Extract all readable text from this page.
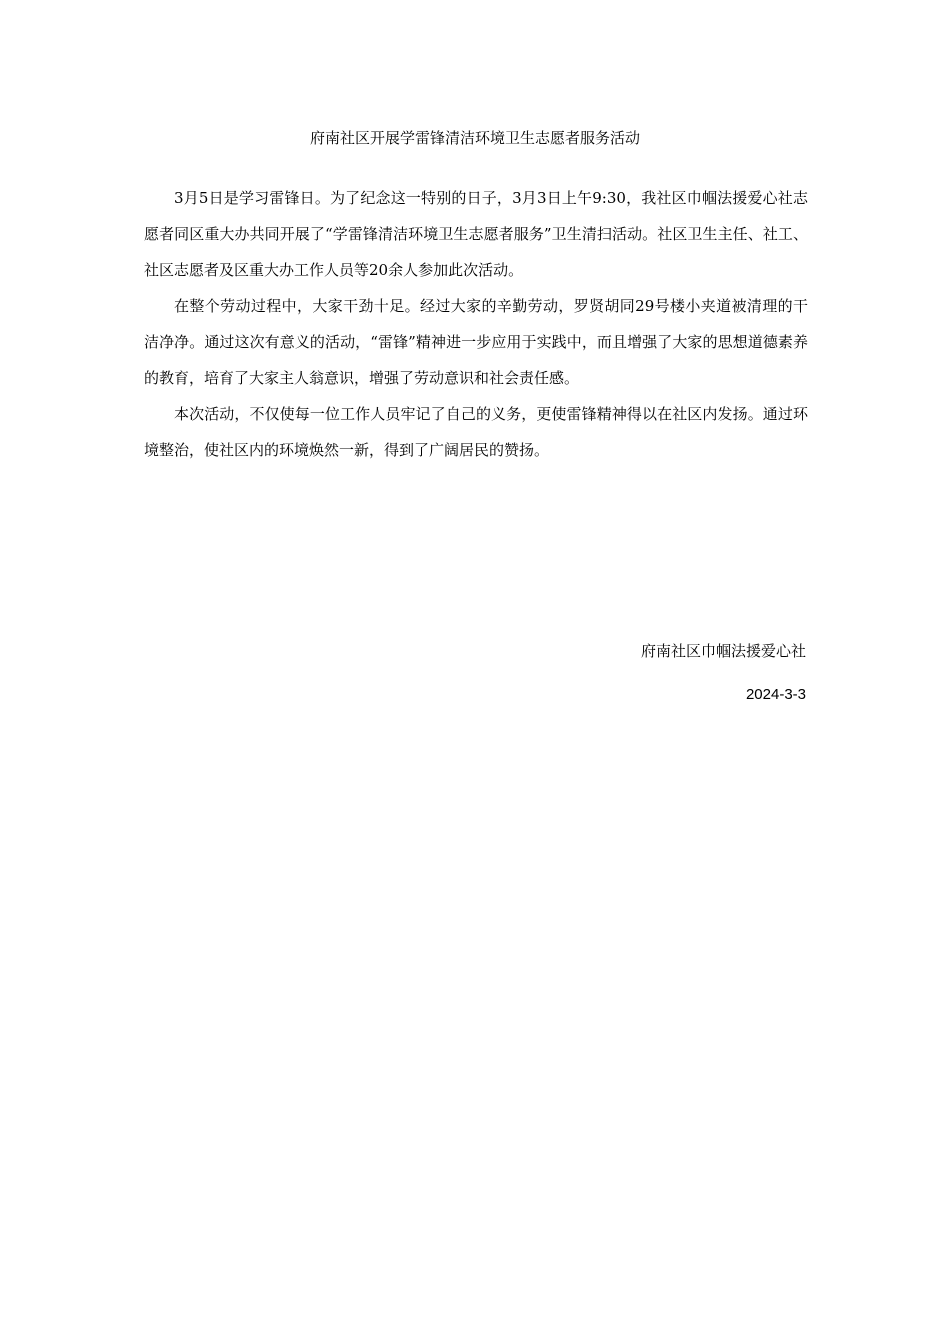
府南社区开展学雷锋清洁环境卫生志愿者服务活动

3月5日是学习雷锋日。为了纪念这一特别的日子，3月3日上午9:30，我社区巾帼法援爱心社志愿者同区重大办共同开展了“学雷锋清洁环境卫生志愿者服务”卫生清扫活动。社区卫生主任、社工、社区志愿者及区重大办工作人员等20余人参加此次活动。

在整个劳动过程中，大家干劲十足。经过大家的辛勤劳动，罗贤胡同29号楼小夹道被清理的干洁净净。通过这次有意义的活动，“雷锋”精神进一步应用于实践中，而且增强了大家的思想道德素养的教育，培育了大家主人翁意识，增强了劳动意识和社会责任感。

本次活动，不仅使每一位工作人员牢记了自己的义务，更使雷锋精神得以在社区内发扬。通过环境整治，使社区内的环境焕然一新，得到了广阔居民的赞扬。

府南社区巾帼法援爱心社

2024-3-3
